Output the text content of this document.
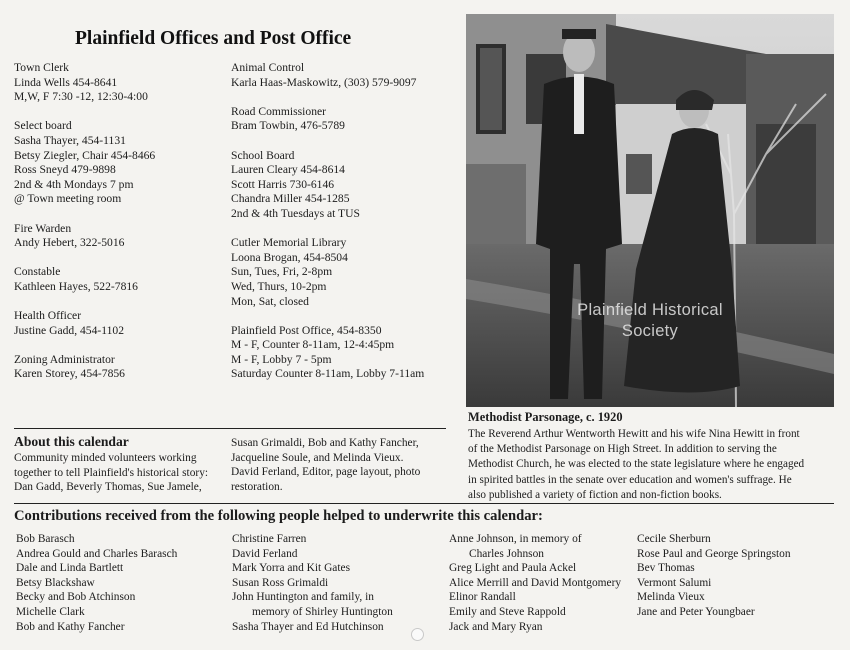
Plainfield Offices and Post Office
Town Clerk
Linda Wells 454-8641
M,W, F 7:30 -12, 12:30-4:00
Select board
Sasha Thayer, 454-1131
Betsy Ziegler, Chair 454-8466
Ross Sneyd 479-9898
2nd & 4th Mondays 7 pm
@ Town meeting room
Fire Warden
Andy Hebert, 322-5016
Constable
Kathleen Hayes, 522-7816
Health Officer
Justine Gadd, 454-1102
Zoning Administrator
Karen Storey, 454-7856
Animal Control
Karla Haas-Maskowitz, (303) 579-9097
Road Commissioner
Bram Towbin, 476-5789
School Board
Lauren Cleary 454-8614
Scott Harris 730-6146
Chandra Miller 454-1285
2nd & 4th Tuesdays at TUS
Cutler Memorial Library
Loona Brogan, 454-8504
Sun, Tues, Fri, 2-8pm
Wed, Thurs, 10-2pm
Mon, Sat, closed
Plainfield Post Office, 454-8350
M - F, Counter 8-11am, 12-4:45pm
M - F, Lobby 7 - 5pm
Saturday Counter 8-11am, Lobby 7-11am
Plainfield Historical
Society
Methodist Parsonage, c. 1920
The Reverend Arthur Wentworth Hewitt and his wife Nina Hewitt in front
of the Methodist Parsonage on High Street. In addition to serving the
Methodist Church, he was elected to the state legislature where he engaged
in spirited battles in the senate over education and women's suffrage. He
also published a variety of fiction and non-fiction books.
About this calendar
Community minded volunteers working
together to tell Plainfield's historical story:
Dan Gadd, Beverly Thomas, Sue Jamele,
Susan Grimaldi, Bob and Kathy Fancher,
Jacqueline Soule, and Melinda Vieux.
David Ferland, Editor, page layout, photo
restoration.
Contributions received from the following people helped to underwrite this calendar:
Bob Barasch
Andrea Gould and Charles Barasch
Dale and Linda Bartlett
Betsy Blackshaw
Becky and Bob Atchinson
Michelle Clark
Bob and Kathy Fancher
Christine Farren
David Ferland
Mark Yorra and Kit Gates
Susan Ross Grimaldi
John Huntington and family, in
memory of Shirley Huntington
Sasha Thayer and Ed Hutchinson
Anne Johnson, in memory of
Charles Johnson
Greg Light and Paula Ackel
Alice Merrill and David Montgomery
Elinor Randall
Emily and Steve Rappold
Jack and Mary Ryan
Cecile Sherburn
Rose Paul and George Springston
Bev Thomas
Vermont Salumi
Melinda Vieux
Jane and Peter Youngbaer
